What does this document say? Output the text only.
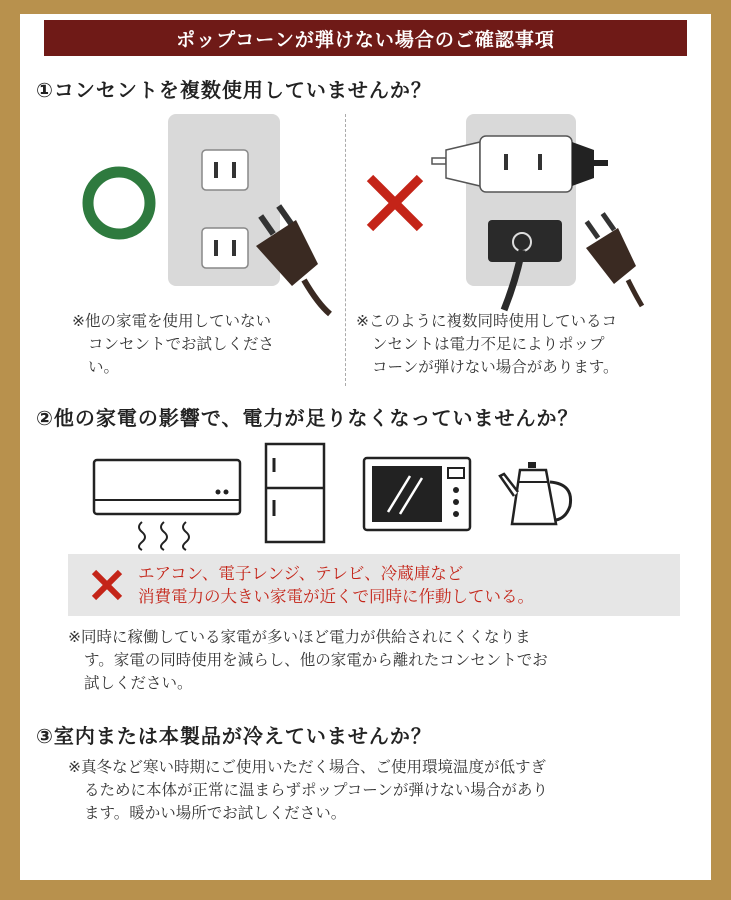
ポップコーンが弾けない場合のご確認事項
①コンセントを複数使用していませんか？
※他の家電を使用していない
コンセントでお試しくださ
い。
※このように複数同時使用しているコ
ンセントは電力不足によりポップ
コーンが弾けない場合があります。
②他の家電の影響で、電力が足りなくなっていませんか？
エアコン、電子レンジ、テレビ、冷蔵庫など
消費電力の大きい家電が近くで同時に作動している。
※同時に稼働している家電が多いほど電力が供給されにくくなりま
す。家電の同時使用を減らし、他の家電から離れたコンセントでお
試しください。
③室内または本製品が冷えていませんか？
※真冬など寒い時期にご使用いただく場合、ご使用環境温度が低すぎ
るために本体が正常に温まらずポップコーンが弾けない場合があり
ます。暖かい場所でお試しください。
